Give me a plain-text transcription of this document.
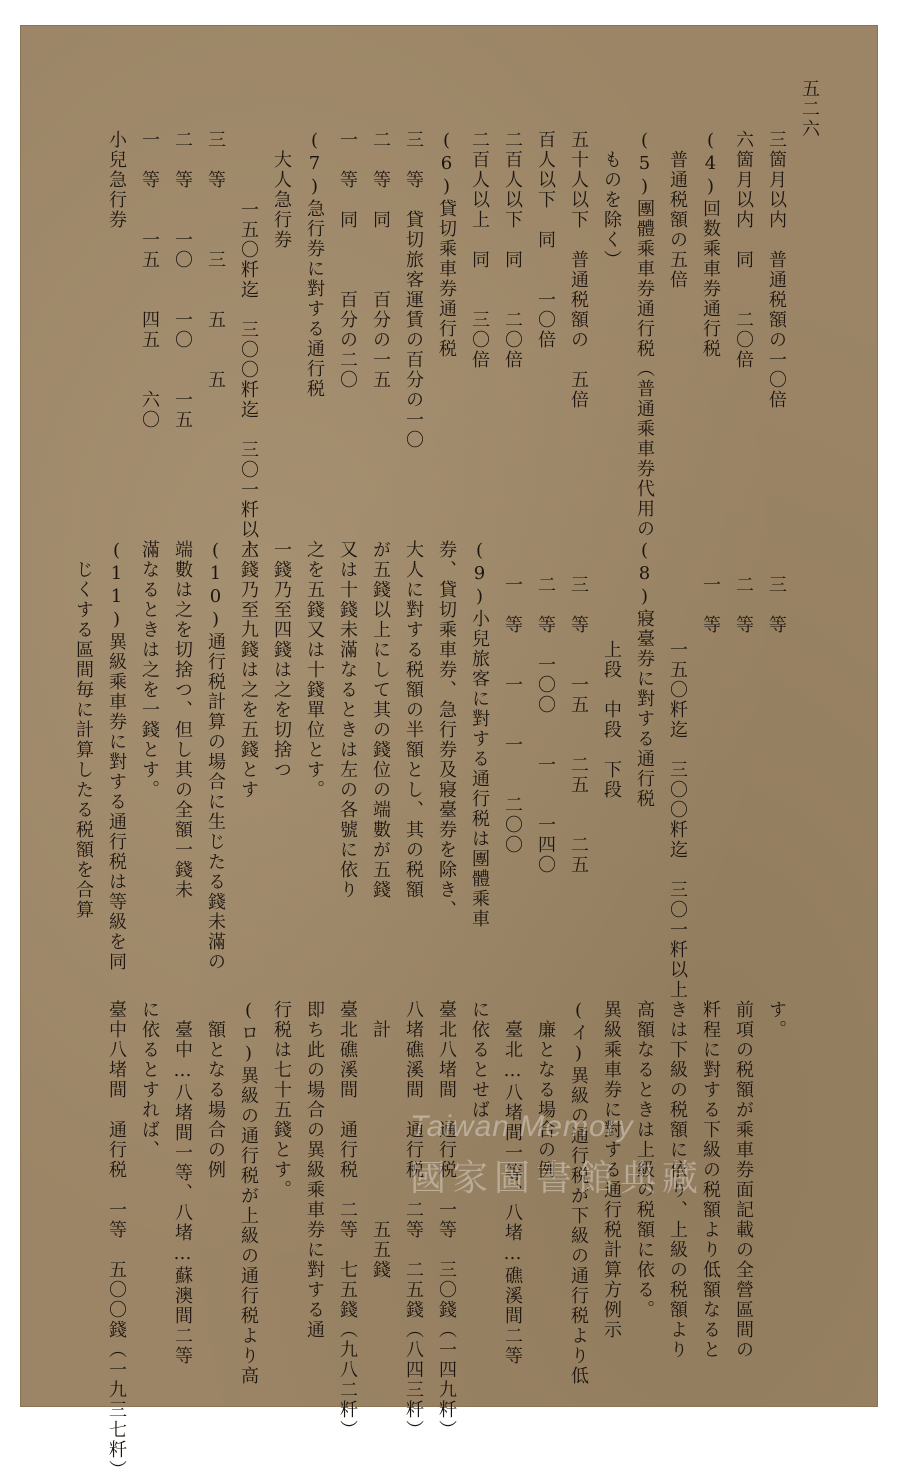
五二六
三箇月以内　普通税額の一〇倍
六箇月以内　同　　二〇倍
(4)回数乘車券通行税
普通税額の五倍
(5)團體乘車券通行税（普通乘車券代用の
ものを除く）
五十人以下　普通税額の　五倍
百人以下　同　　一〇倍
二百人以下　同　　二〇倍
二百人以上　同　　三〇倍
(6)貸切乘車券通行税
三　等　貸切旅客運賃の百分の一〇
二　等　同　　　百分の一五
一　等　同　　　百分の二〇
(7)急行券に對する通行税
大人急行券
一五〇粁迄　三〇〇粁迄　三〇一粁以上
三　等　　　三　　五　　五
二　等　　一〇　　一〇　　一五
一　等　　一五　　四五　　六〇
小兒急行券
三　等
二　等
一　等
一五〇粁迄　三〇〇粁迄　三〇一粁以上
(8)寢臺券に對する通行税
上段　中段　下段
三　等　　一五　　二五　　二五
二　等　一〇〇　　一　　一四〇
一　等　　一　　一　　二〇〇
(9)小兒旅客に對する通行税は團體乘車
券、貸切乘車券、急行券及寢臺券を除き、
大人に對する税額の半額とし、其の税額
が五錢以上にして其の錢位の端數が五錢
又は十錢未滿なるときは左の各號に依り
之を五錢又は十錢單位とす。
一錢乃至四錢は之を切捨つ
六錢乃至九錢は之を五錢とす
(10)通行税計算の場合に生じたる錢未滿の
端數は之を切捨つ、但し其の全額一錢未
滿なるときは之を一錢とす。
(11)異級乘車券に對する通行税は等級を同
じくする區間毎に計算したる税額を合算
す。
前項の税額が乘車券面記載の全營區間の
粁程に對する下級の税額より低額なると
きは下級の税額に依り、上級の税額より
高額なるときは上級の税額に依る。
異級乘車券に對する通行税計算方例示
(イ)異級の通行税が下級の通行税より低
廉となる場合の例
臺北…八堵間一等、八堵…礁溪間二等
に依るとせば
臺北八堵間　通行税　一等　三〇錢（一四九粁）
八堵礁溪間　通行税　二等　二五錢（八四三粁）
　計　　　　　　　　　五五錢
臺北礁溪間　通行税　二等　七五錢（九八二粁）
即ち此の場合の異級乘車券に對する通
行税は七十五錢とす。
(ロ)異級の通行税が上級の通行税より高
額となる場合の例
臺中…八堵間一等、八堵…蘇澳間二等
に依るとすれば、
臺中八堵間　通行税　一等　五〇〇錢（一九三七粁）	Taiwan Memory
國家圖書館典藏
